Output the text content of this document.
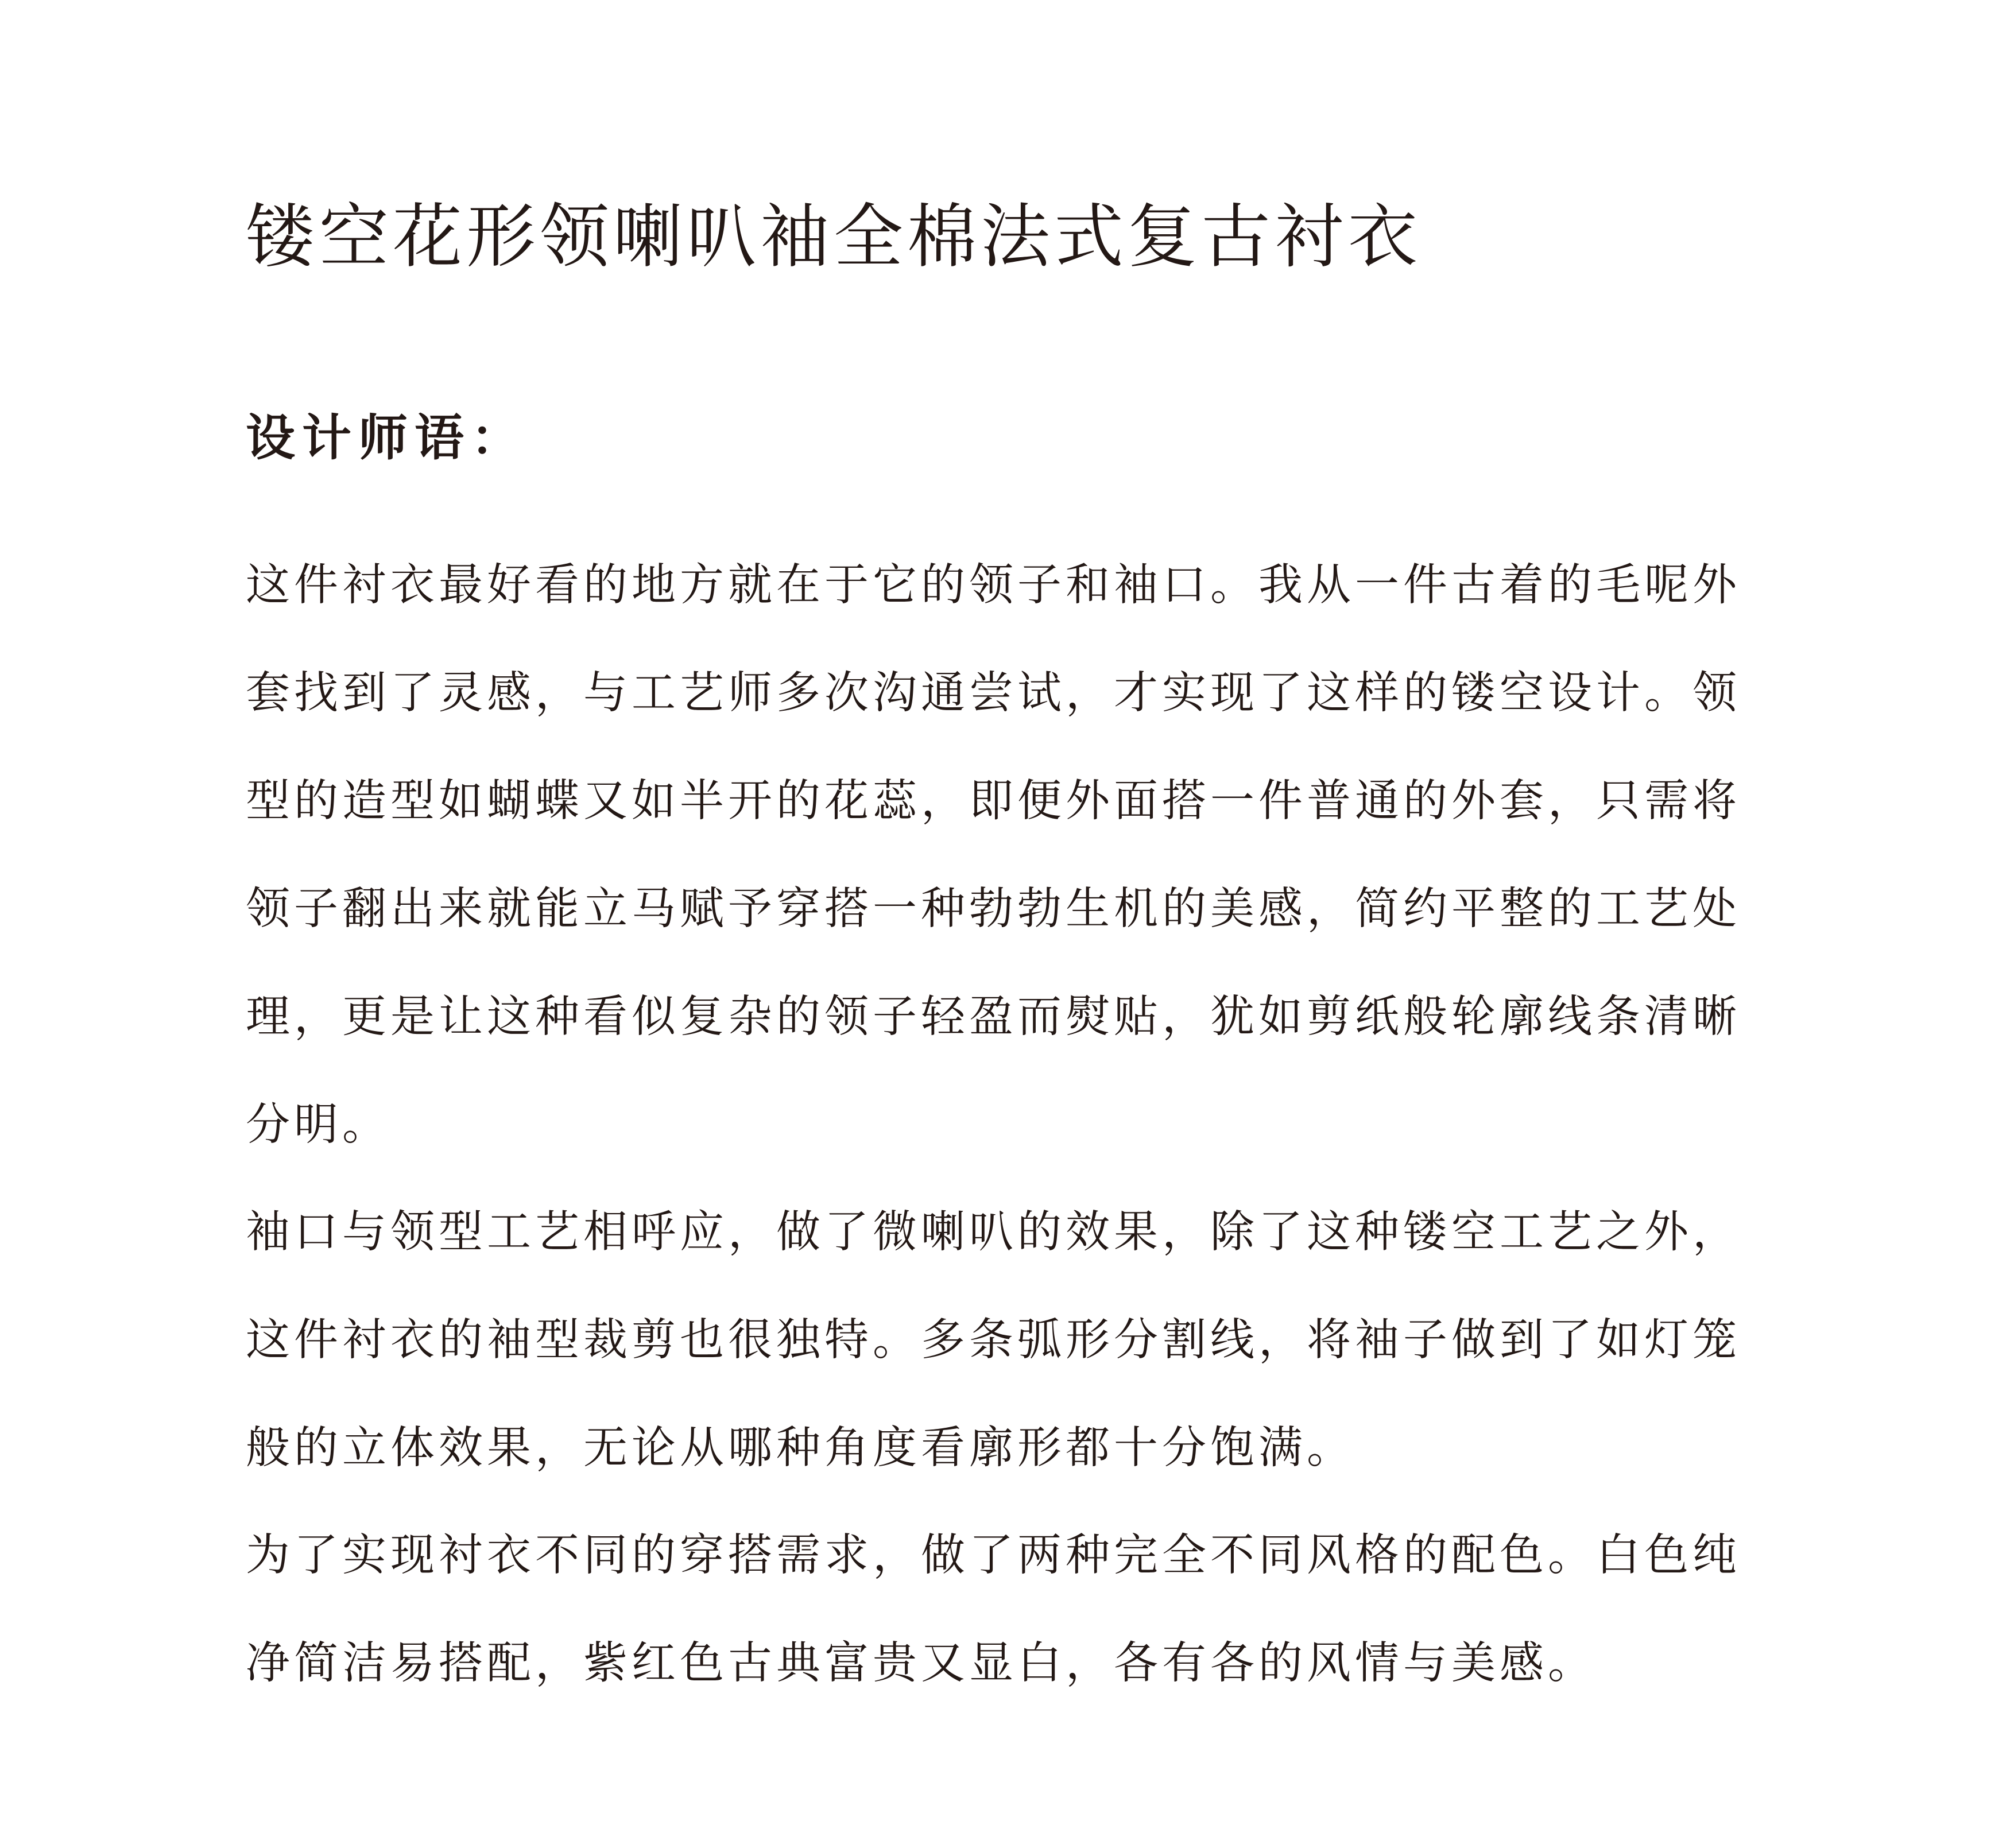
镂空花形领喇叭袖全棉法式复古衬衣
设计师语：

这件衬衣最好看的地方就在于它的领子和袖口。我从一件古着的毛呢外

套找到了灵感，与工艺师多次沟通尝试，才实现了这样的镂空设计。领

型的造型如蝴蝶又如半开的花蕊，即便外面搭一件普通的外套，只需将

领子翻出来就能立马赋予穿搭一种勃勃生机的美感，简约平整的工艺处

理，更是让这种看似复杂的领子轻盈而熨贴，犹如剪纸般轮廓线条清晰

分明。

袖口与领型工艺相呼应，做了微喇叭的效果，除了这种镂空工艺之外，

这件衬衣的袖型裁剪也很独特。多条弧形分割线，将袖子做到了如灯笼

般的立体效果，无论从哪种角度看廓形都十分饱满。

为了实现衬衣不同的穿搭需求，做了两种完全不同风格的配色。白色纯

净简洁易搭配，紫红色古典富贵又显白，各有各的风情与美感。
